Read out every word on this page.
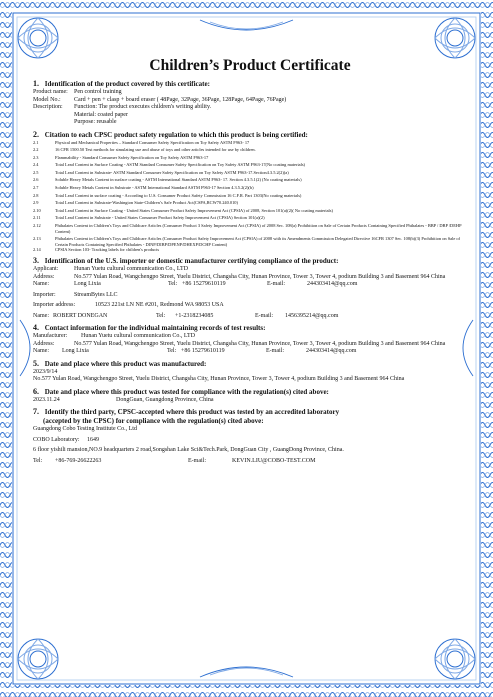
Children’s Product Certificate
1. Identification of the product covered by this certificate:
Product name:	Pen control training
Model No.:	Card + pen + clasp + board eraser ( 48Page, 32Page, 36Page, 128Page, 64Page, 76Page)
Description:	Function: The product executes children's writing ability.
Material: coated paper
Purpose: reusable
2. Citation to each CPSC product safety regulation to which this product is being certified:
2.1	Physical and Mechanical Properties – Standard Consumer Safety Specification on Toy Safety ASTM F963- 17
2.2	16 CFR 1500.50 Test methods for simulating use and abuse of toys and other articles intended for use by children.
2.3	Flammability - Standard Consumer Safety Specification on Toy Safety ASTM F963-17
2.4	Total Lead Content in Surface Coating - ASTM Standard Consumer Safety Specification on Toy Safety ASTM F963-17(No coating materials)
2.5	Total Lead Content in Substrate- ASTM Standard Consumer Safety Specification on Toy Safety ASTM F963-17.Section4.3.5.2(2)(a)
2.6	Soluble Heavy Metals Content in surface coating - ASTM International Standard ASTM F963- 17. Section 4.3.5.1(2) (No coating materials)
2.7	Soluble Heavy Metals Content in Substrate - ASTM International Standard ASTM F963-17 Section 4.3.5.2(2)(b)
2.8	Total Lead Content in surface coating - According to U.S. Consumer Product Safety Commission 16 C.F.R. Part 1303(No coating materials)
2.9	Total Lead Content in Substrate-Washington State-Children’s Safe Product Act(CSPA,RCW70.240.010)
2.10	Total Lead Content in Surface Coating - United States Consumer Product Safety Improvement Act (CPSIA) of 2008, Section 101(a)(2)( No coating materials)
2.11	Total Lead Content in Substrate - United States Consumer Product Safety Improvement Act (CPSIA) Section 101(a)(2)
2.12	Phthalates Content in Children's Toys and Childcare Articles (Consumer Product 3 Safety Improvement Act (CPSIA) of 2008 Sec. 108(a) Prohibition on Sale of Certain Products Containing Specified Phthalates - BBP / DBP /DEHP Content)
2.13	Phthalates Content in Children's Toys and Childcare Articles (Consumer Product Safety Improvement Act (CPSIA) of 2008 with its Amendments Commission Delegated Directive 16CFR 1307 Sec. 108(b)(3) Prohibition on Sale of Certain Products Containing Specified Phthalates - DINP/DIBP/DPENP/DHEXP/DCHP Content)
2.14	CPSIA Section 103- Tracking labels for children's products
3. Identification of the U.S. importer or domestic manufacturer certifying compliance of the product:
Applicant:	Hunan Yuetu cultural communication Co., LTD
Address:	No.577 Yulan Road, Wangchengpo Street, Yuelu District, Changsha City, Hunan Province, Tower 3, Tower 4, podium Building 3 and Basement 964 China
Name:	Long Lixia	Tel: +86 15279610119	E-mail:	244303414@qq.com
Importer:	StreamBytes LLC
Importer address:	10523 221st LN NE #201, Redmond WA 98053 USA
Name: ROBERT DONEGAN	Tel:	+1-2318234085	E-mail:	1456395214@qq.com
4. Contact information for the individual maintaining records of test results:
Manufacturer:	Hunan Yuetu cultural communication Co., LTD
Address:	No.577 Yulan Road, Wangchengpo Street, Yuelu District, Changsha City, Hunan Province, Tower 3, Tower 4, podium Building 3 and Basement 964 China
Name:	Long Lixia	Tel: +86 15279610119	E-mail:	244303414@qq.com
5. Date and place where this product was manufactured:
2023/9/14
No.577 Yulan Road, Wangchengpo Street, Yuelu District, Changsha City, Hunan Province, Tower 3, Tower 4, podium Building 3 and Basement 964 China
6. Date and place where this product was tested for compliance with the regulation(s) cited above:
2023.11.24	DongGuan, Guangdong Province, China
7. Identify the third party, CPSC-accepted where this product was tested by an accredited laboratory
(accepted by the CPSC) for compliance with the regulation(s) cited above:
Guangdong Cobo Testing Institute Co., Ltd
COBO Laboratory:	1649
6 floor yishili mansion,NO.9 headquarters 2 road,Songshan Lake Sci&Tech.Park, DongGuan City , GuangDong Province, China.
Tel:	+86-769-26622263	E-mail:	KEVIN.LIU@COBO-TEST.COM
